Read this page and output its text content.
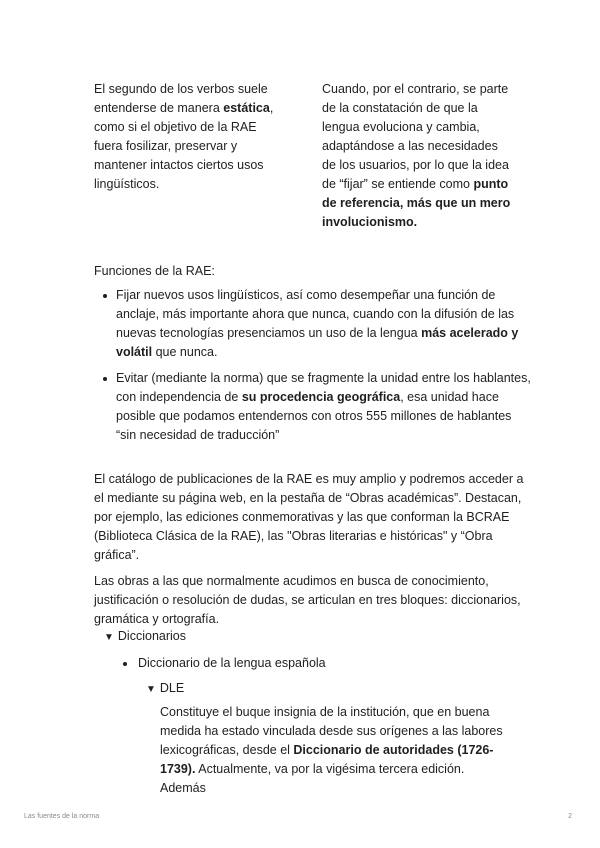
El segundo de los verbos suele entenderse de manera estática, como si el objetivo de la RAE fuera fosilizar, preservar y mantener intactos ciertos usos lingüísticos.

Cuando, por el contrario, se parte de la constatación de que la lengua evoluciona y cambia, adaptándose a las necesidades de los usuarios, por lo que la idea de “fijar” se entiende como punto de referencia, más que un mero involucionismo.

Funciones de la RAE:
Fijar nuevos usos lingüísticos, así como desempeñar una función de anclaje, más importante ahora que nunca, cuando con la difusión de las nuevas tecnologías presenciamos un uso de la lengua más acelerado y volátil que nunca.
Evitar (mediante la norma) que se fragmente la unidad entre los hablantes, con independencia de su procedencia geográfica, esa unidad hace posible que podamos entendernos con otros 555 millones de hablantes “sin necesidad de traducción”

El catálogo de publicaciones de la RAE es muy amplio y podremos acceder a el mediante su página web, en la pestaña de “Obras académicas”. Destacan, por ejemplo, las ediciones conmemorativas y las que conforman la BCRAE (Biblioteca Clásica de la RAE), las "Obras literarias e históricas" y “Obra gráfica”.

Las obras a las que normalmente acudimos en busca de conocimiento, justificación o resolución de dudas, se articulan en tres bloques: diccionarios, gramática y ortografía.

▼ Diccionarios
Diccionario de la lengua española
▼ DLE
Constituye el buque insignia de la institución, que en buena medida ha estado vinculada desde sus orígenes a las labores lexicográficas, desde el Diccionario de autoridades (1726-1739). Actualmente, va por la vigésima tercera edición. Además
Las fuentes de la norma	2
